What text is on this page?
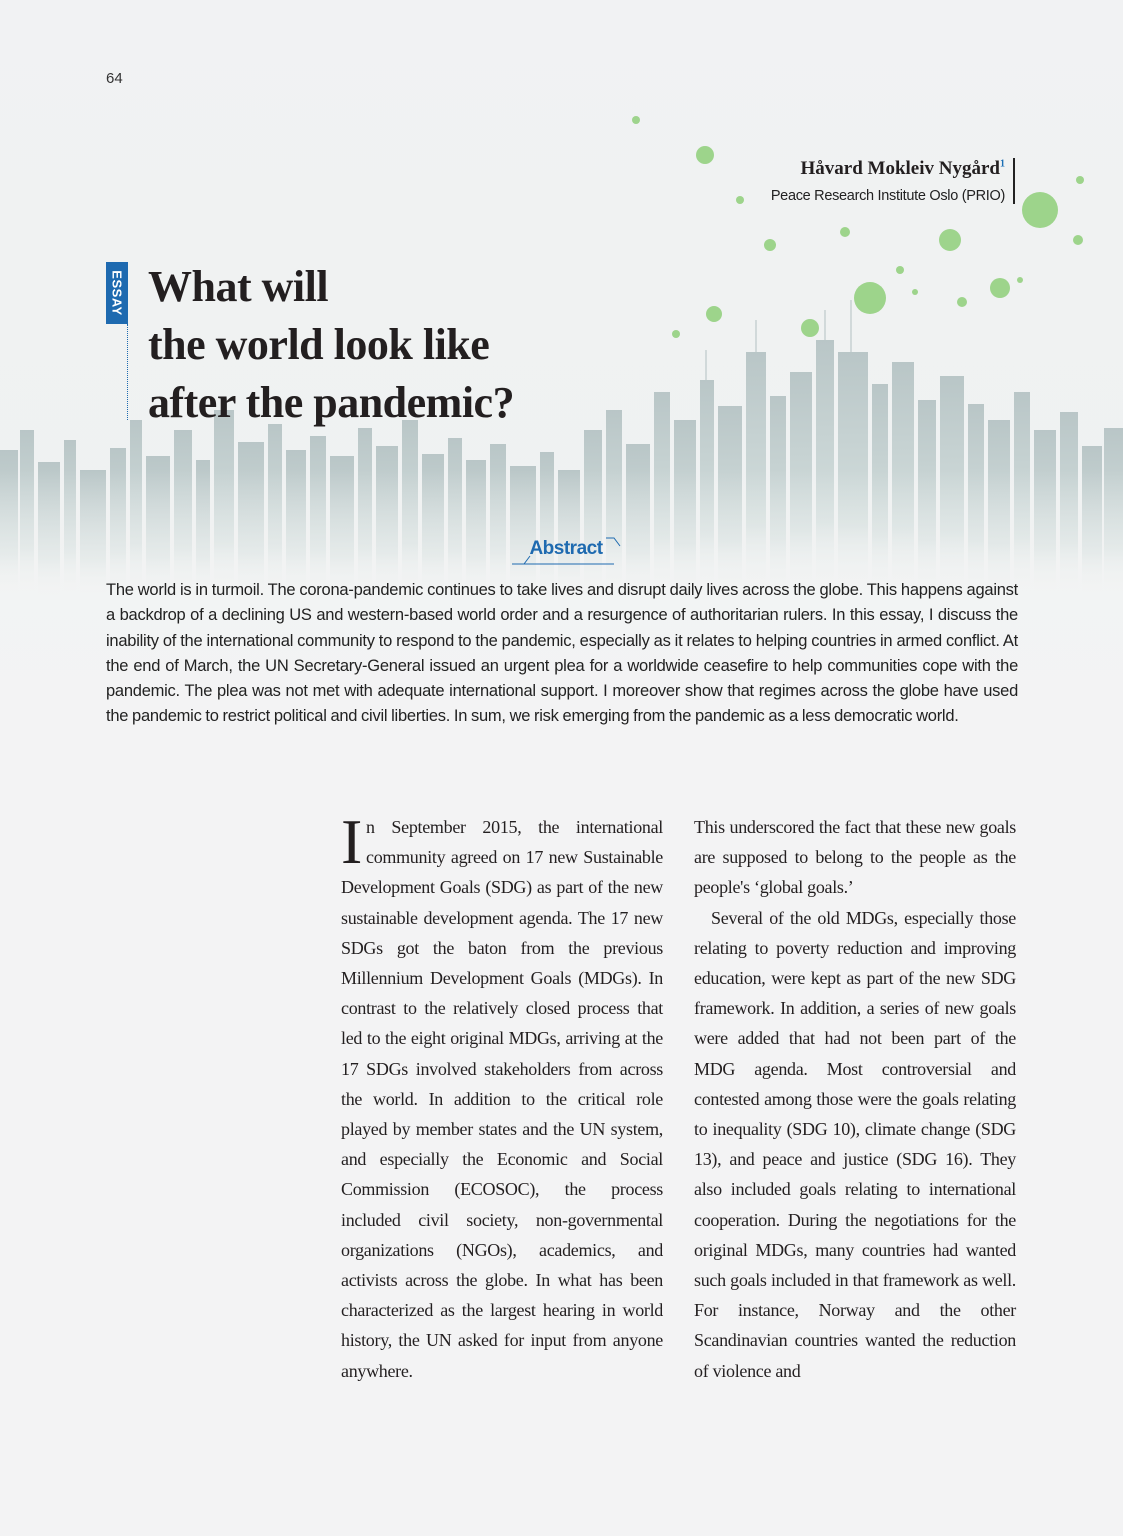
64
Håvard Mokleiv Nygård$^1$
Peace Research Institute Oslo (PRIO)
ESSAY What will
the world look like
after the pandemic?
Abstract

The world is in turmoil. The corona-pandemic continues to take lives and disrupt daily lives across the globe. This happens against a backdrop of a declining US and western-based world order and a resurgence of authoritarian rulers. In this essay, I discuss the inability of the international community to respond to the pandemic, especially as it relates to helping countries in armed conflict. At the end of March, the UN Secretary-General issued an urgent plea for a worldwide ceasefire to help communities cope with the pandemic. The plea was not met with adequate international support. I moreover show that regimes across the globe have used the pandemic to restrict political and civil liberties. In sum, we risk emerging from the pandemic as a less democratic world.

In September 2015, the international community agreed on 17 new Sustainable Development Goals (SDG) as part of the new sustainable development agenda. The 17 new SDGs got the baton from the previous Millennium Development Goals (MDGs). In contrast to the relatively closed process that led to the eight original MDGs, arriving at the 17 SDGs involved stakeholders from across the world. In addition to the critical role played by member states and the UN system, and especially the Economic and Social Commission (ECOSOC), the process included civil society, non-governmental organizations (NGOs), academics, and activists across the globe. In what has been characterized as the largest hearing in world history, the UN asked for input from anyone anywhere.

This underscored the fact that these new goals are supposed to belong to the people as the people's ‘global goals.’

Several of the old MDGs, especially those relating to poverty reduction and improving education, were kept as part of the new SDG framework. In addition, a series of new goals were added that had not been part of the MDG agenda. Most controversial and contested among those were the goals relating to inequality (SDG 10), climate change (SDG 13), and peace and justice (SDG 16). They also included goals relating to international cooperation. During the negotiations for the original MDGs, many countries had wanted such goals included in that framework as well. For instance, Norway and the other Scandinavian countries wanted the reduction of violence and
